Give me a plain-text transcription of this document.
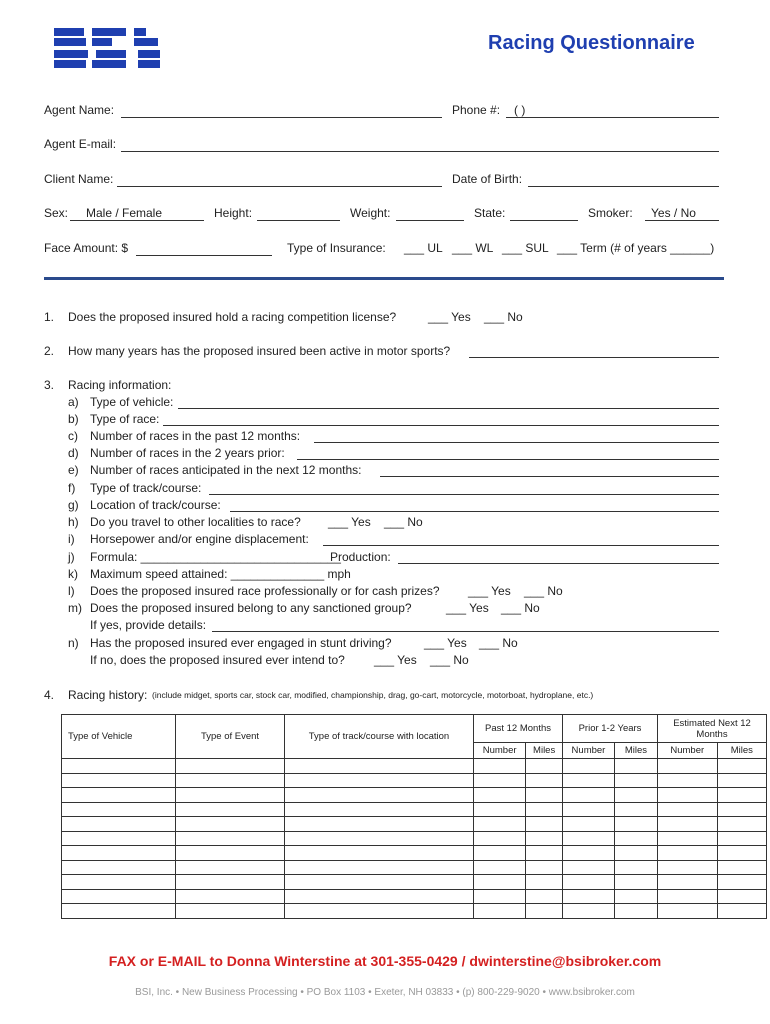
Racing Questionnaire
Agent Name:	Phone #: ( )
Agent E-mail:
Client Name:	Date of Birth:
Sex: Male / Female	Height:	Weight:	State:	Smoker: Yes / No
Face Amount: $	Type of Insurance: ___ UL ___ WL ___ SUL ___ Term (# of years ______)
1. Does the proposed insured hold a racing competition license?	___ Yes ___ No
2. How many years has the proposed insured been active in motor sports?
3. Racing information:
a) Type of vehicle:
b) Type of race:
c) Number of races in the past 12 months:
d) Number of races in the 2 years prior:
e) Number of races anticipated in the next 12 months:
f) Type of track/course:
g) Location of track/course:
h) Do you travel to other localities to race? ___ Yes ___ No
i) Horsepower and/or engine displacement:
j) Formula: ______________________________
Production:
k) Maximum speed attained: ______________ mph
l) Does the proposed insured race professionally or for cash prizes? ___ Yes ___ No
m) Does the proposed insured belong to any sanctioned group?	___ Yes ___ No
If yes, provide details:
n) Has the proposed insured ever engaged in stunt driving?	___ Yes ___ No
If no, does the proposed insured ever intend to? ___ Yes ___ No
4. Racing history: (include midget, sports car, stock car, modified, championship, drag, go-cart, motorcycle, motorboat, hydroplane, etc.)
Type of Vehicle	Type of Event	Type of track/course with location	Past 12 Months		Prior 1-2 Years		Estimated Next 12 Months	
			Number	Miles	Number	Miles	Number	Miles

FAX or E-MAIL to Donna Winterstine at 301-355-0429 / dwinterstine@bsibroker.com
BSI, Inc. • New Business Processing • PO Box 1103 • Exeter, NH 03833 • (p) 800-229-9020 • www.bsibroker.com
